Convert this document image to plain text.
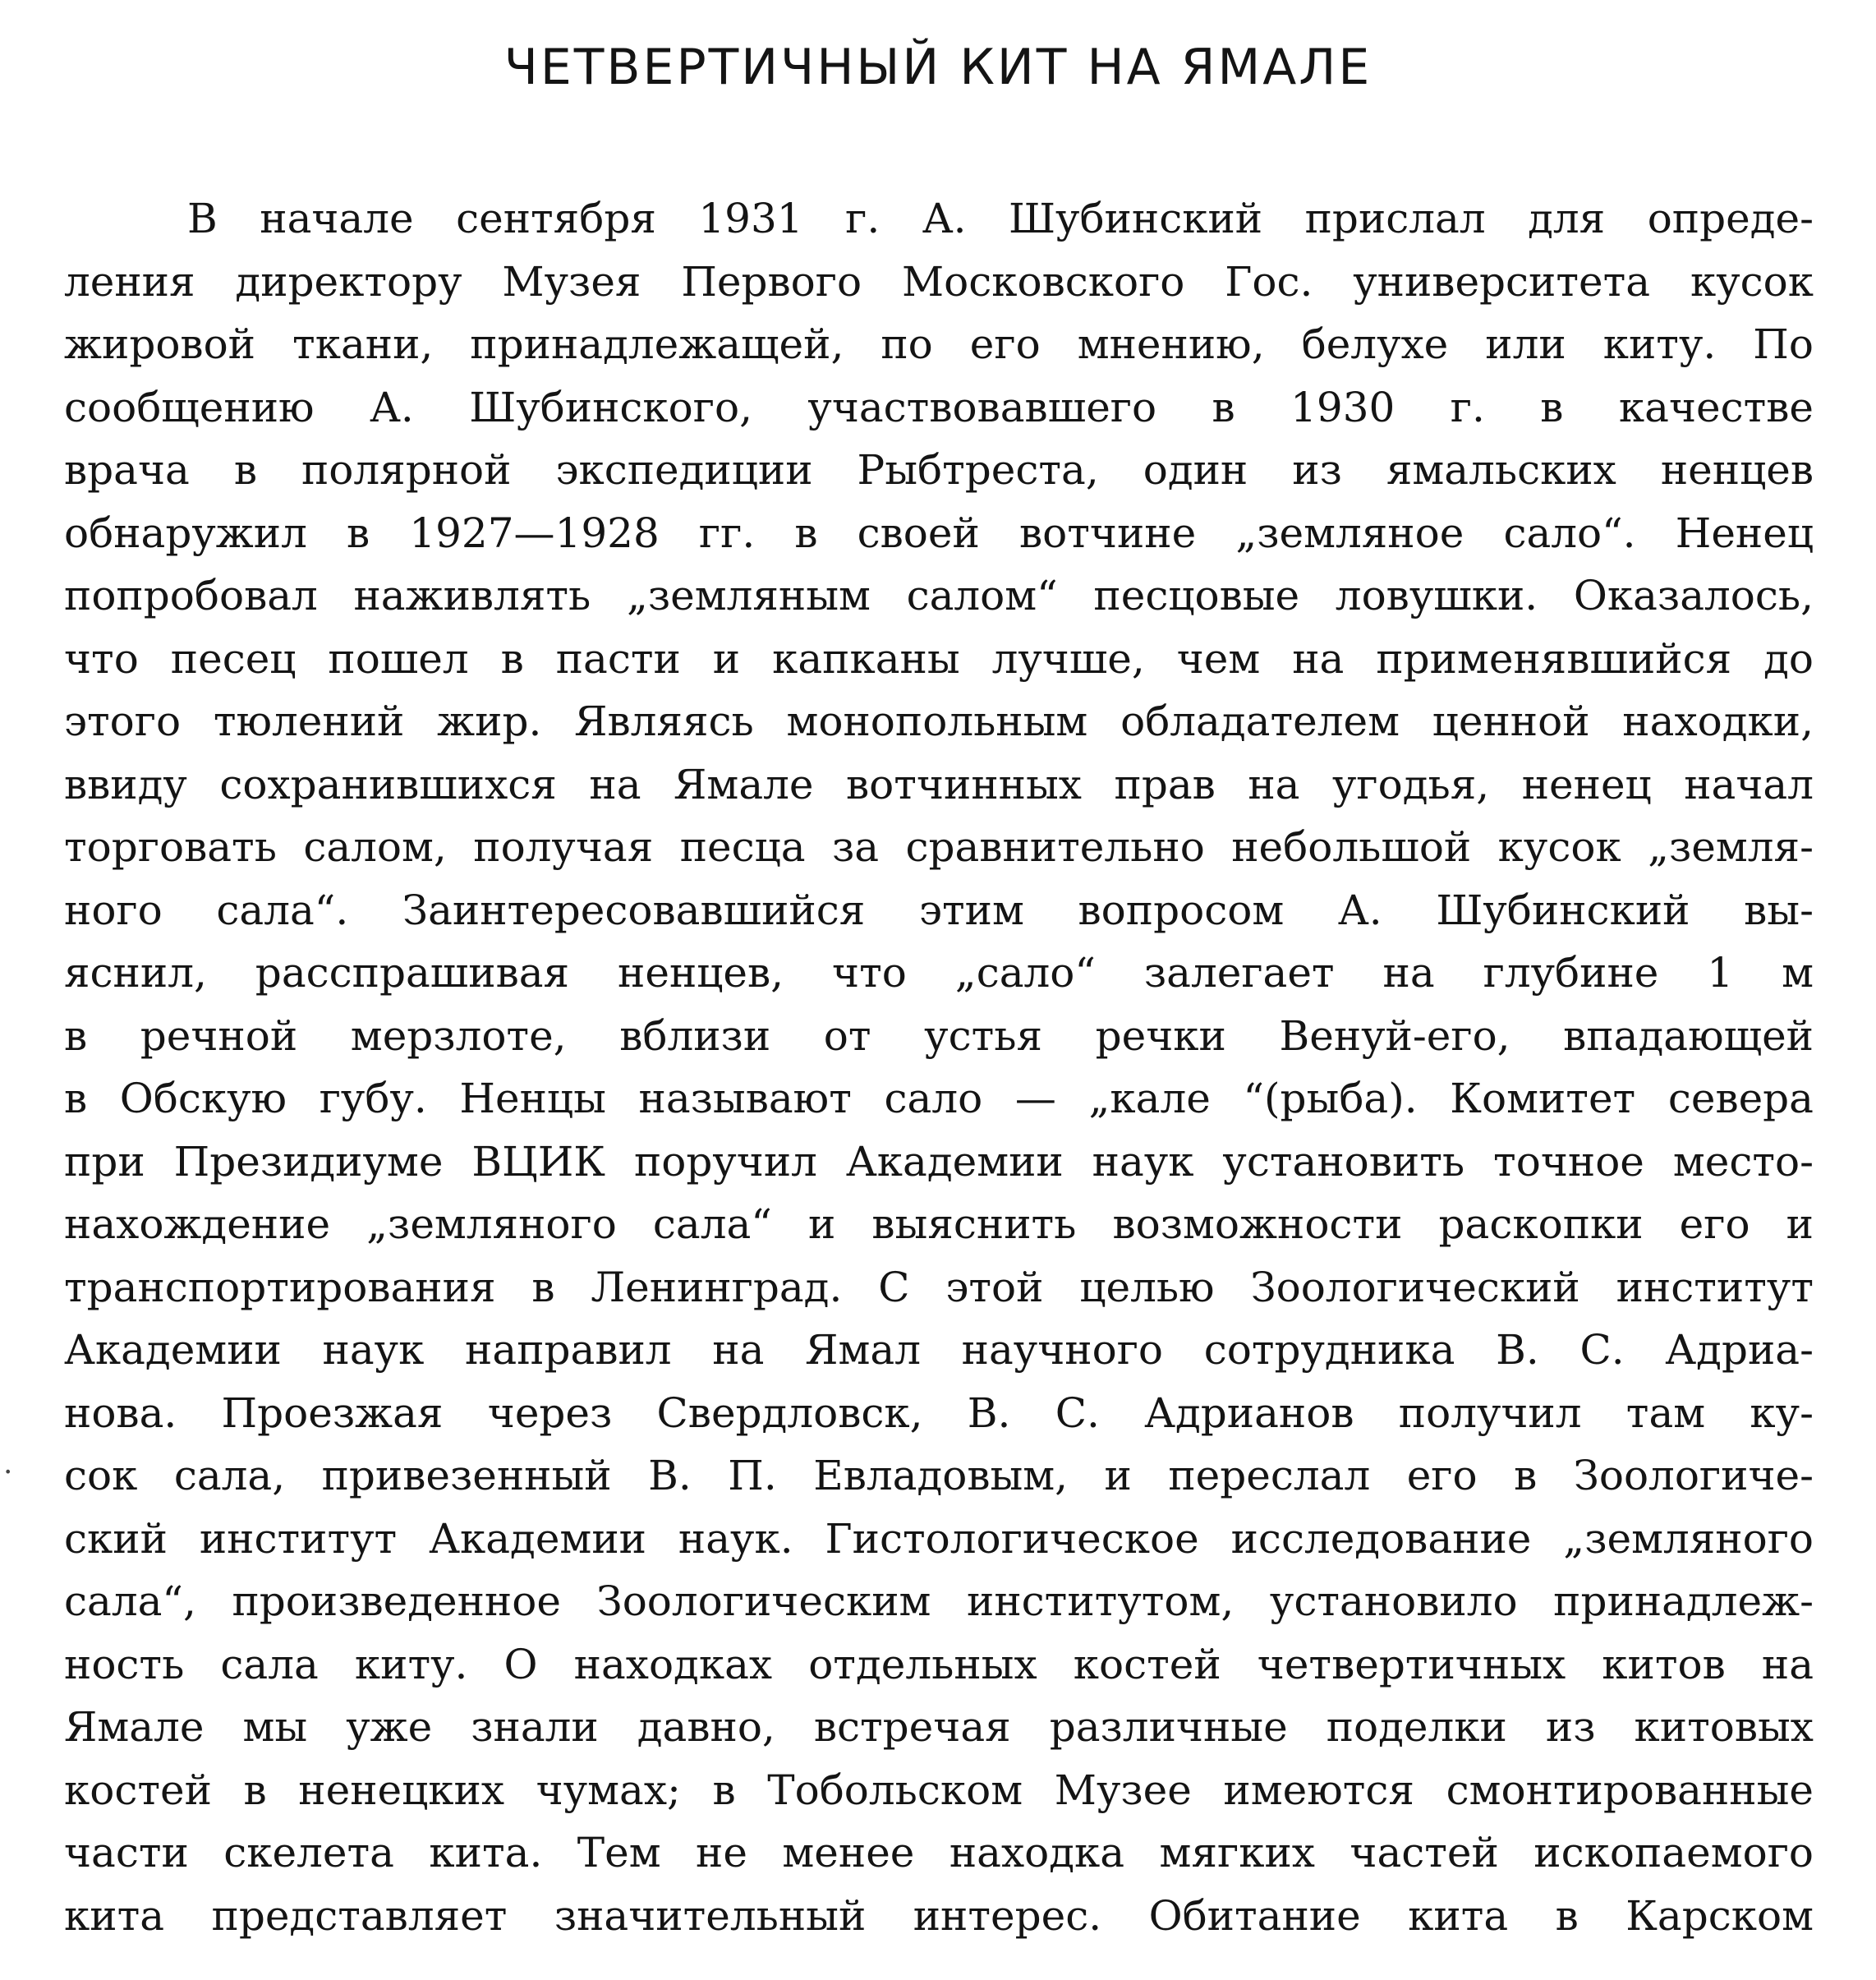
ЧЕТВЕРТИЧНЫЙ КИТ НА ЯМАЛЕ
·
В начале сентября 1931 г. А. Шубинский прислал для опреде-
ления директору Музея Первого Московского Гос. университета кусок
жировой ткани, принадлежащей, по его мнению, белухе или киту. По
сообщению А. Шубинского, участвовавшего в 1930 г. в качестве
врача в полярной экспедиции Рыбтреста, один из ямальских ненцев
обнаружил в 1927—1928 гг. в своей вотчине „земляное сало“. Ненец
попробовал наживлять „земляным салом“ песцовые ловушки. Оказалось,
что песец пошел в пасти и капканы лучше, чем на применявшийся до
этого тюлений жир. Являясь монопольным обладателем ценной находки,
ввиду сохранившихся на Ямале вотчинных прав на угодья, ненец начал
торговать салом, получая песца за сравнительно небольшой кусок „земля-
ного сала“. Заинтересовавшийся этим вопросом А. Шубинский вы-
яснил, расспрашивая ненцев, что „сало“ залегает на глубине 1 м
в речной мерзлоте, вблизи от устья речки Венуй-его, впадающей
в Обскую губу. Ненцы называют сало — „кале “(рыба). Комитет севера
при Президиуме ВЦИК поручил Академии наук установить точное место-
нахождение „земляного сала“ и выяснить возможности раскопки его и
транспортирования в Ленинград. С этой целью Зоологический институт
Академии наук направил на Ямал научного сотрудника В. С. Адриа-
нова. Проезжая через Свердловск, В. С. Адрианов получил там ку-
сок сала, привезенный В. П. Евладовым, и переслал его в Зоологиче-
ский институт Академии наук. Гистологическое исследование „земляного
сала“, произведенное Зоологическим институтом, установило принадлеж-
ность сала киту. О находках отдельных костей четвертичных китов на
Ямале мы уже знали давно, встречая различные поделки из китовых
костей в ненецких чумах; в Тобольском Музее имеются смонтированные
части скелета кита. Тем не менее находка мягких частей ископаемого
кита представляет значительный интерес. Обитание кита в Карском
